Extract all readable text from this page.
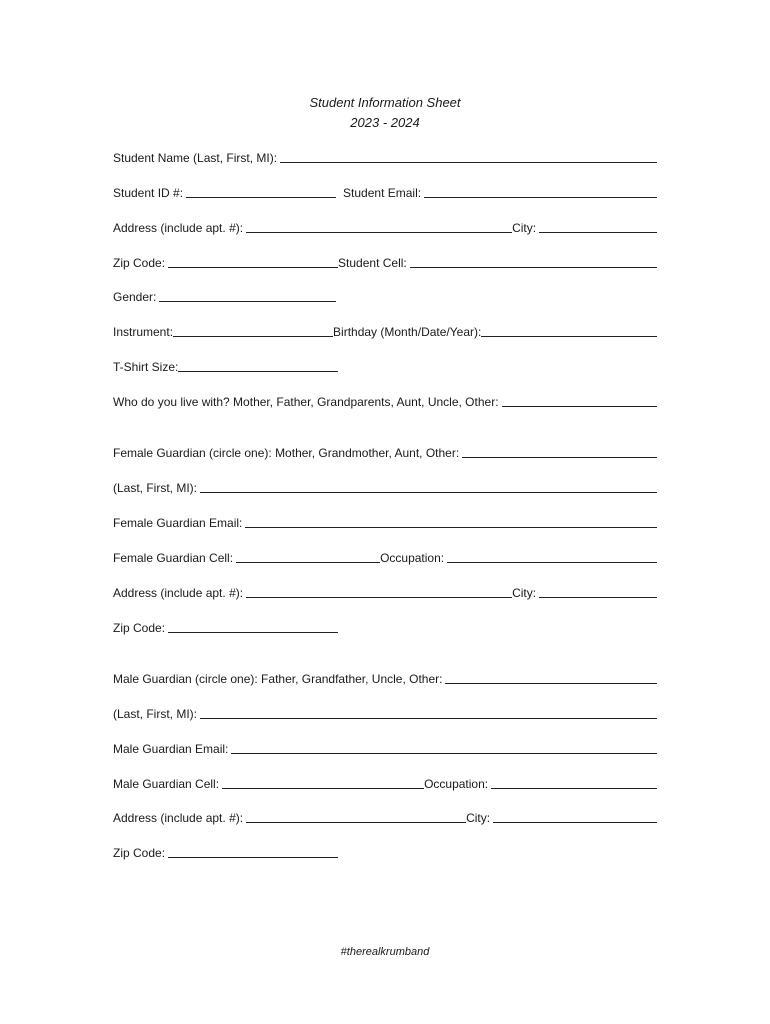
Student Information Sheet
2023 - 2024
Student Name (Last, First, MI):
Student ID #:	Student Email:
Address (include apt. #):	City:
Zip Code:	Student Cell:
Gender:
Instrument:	Birthday (Month/Date/Year):
T-Shirt Size:
Who do you live with? Mother, Father, Grandparents, Aunt, Uncle, Other:
Female Guardian (circle one): Mother, Grandmother, Aunt, Other:
(Last, First, MI):
Female Guardian Email:
Female Guardian Cell:	Occupation:
Address (include apt. #):	City:
Zip Code:
Male Guardian (circle one): Father, Grandfather, Uncle, Other:
(Last, First, MI):
Male Guardian Email:
Male Guardian Cell:	Occupation:
Address (include apt. #):	City:
Zip Code:
#therealkrumband
